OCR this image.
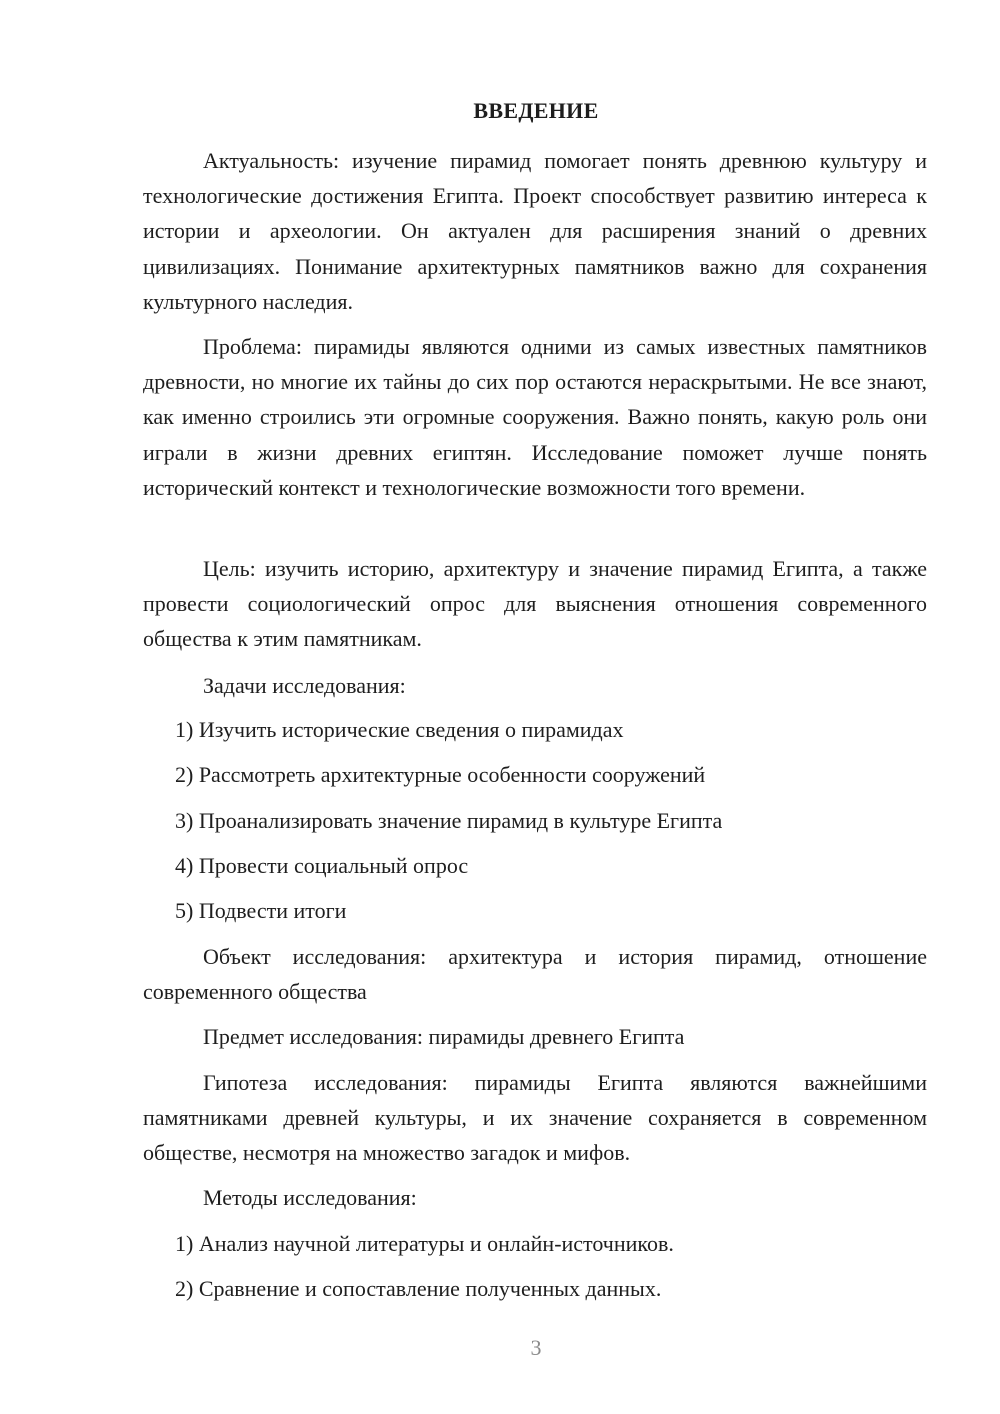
ВВЕДЕНИЕ

Актуальность: изучение пирамид помогает понять древнюю культуру и технологические достижения Египта. Проект способствует развитию интереса к истории и археологии. Он актуален для расширения знаний о древних цивилизациях. Понимание архитектурных памятников важно для сохранения культурного наследия.

Проблема: пирамиды являются одними из самых известных памятников древности, но многие их тайны до сих пор остаются нераскрытыми. Не все знают, как именно строились эти огромные сооружения. Важно понять, какую роль они играли в жизни древних египтян. Исследование поможет лучше понять исторический контекст и технологические возможности того времени.

Цель: изучить историю, архитектуру и значение пирамид Египта, а также провести социологический опрос для выяснения отношения современного общества к этим памятникам.

Задачи исследования:
1) Изучить исторические сведения о пирамидах
2) Рассмотреть архитектурные особенности сооружений
3) Проанализировать значение пирамид в культуре Египта
4) Провести социальный опрос
5) Подвести итоги

Объект исследования: архитектура и история пирамид, отношение современного общества

Предмет исследования: пирамиды древнего Египта

Гипотеза исследования: пирамиды Египта являются важнейшими памятниками древней культуры, и их значение сохраняется в современном обществе, несмотря на множество загадок и мифов.

Методы исследования:
1) Анализ научной литературы и онлайн-источников.
2) Сравнение и сопоставление полученных данных.
3
